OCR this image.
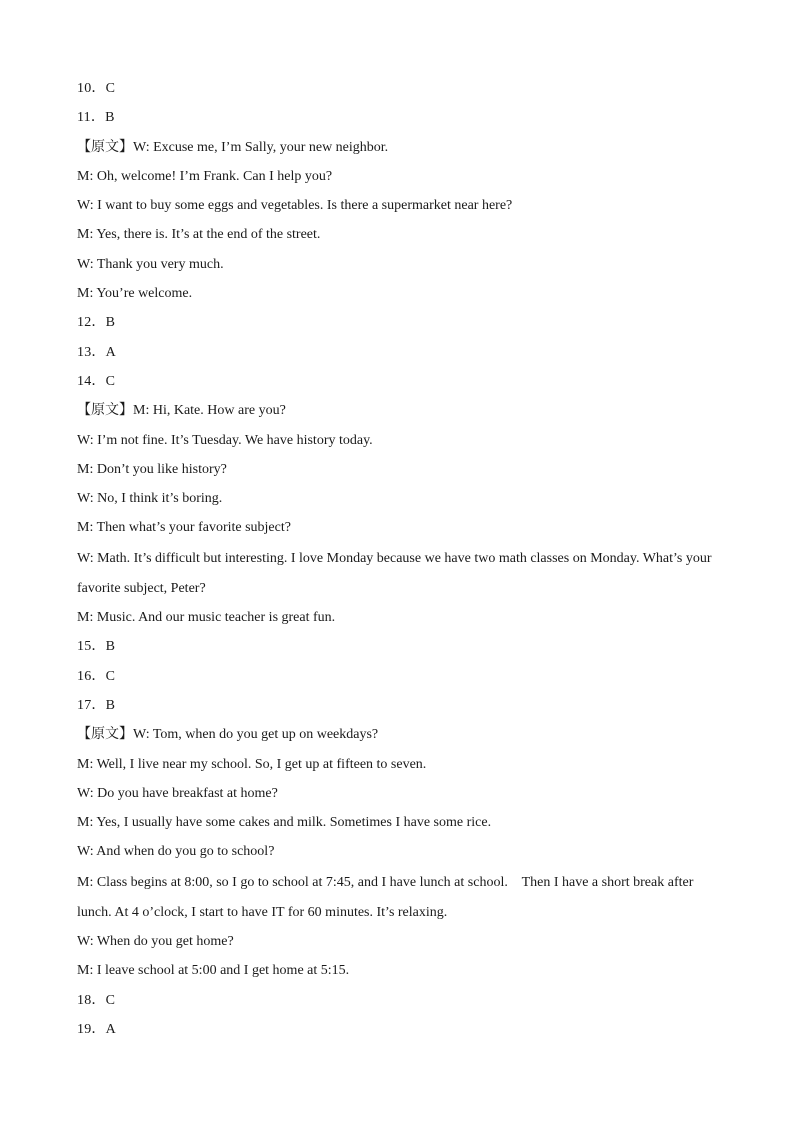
10．C

11．B

【原文】W: Excuse me, I’m Sally, your new neighbor.

M: Oh, welcome! I’m Frank. Can I help you?

W: I want to buy some eggs and vegetables. Is there a supermarket near here?

M: Yes, there is. It’s at the end of the street.

W: Thank you very much.

M: You’re welcome.

12．B

13．A

14．C

【原文】M: Hi, Kate. How are you?

W: I’m not fine. It’s Tuesday. We have history today.

M: Don’t you like history?

W: No, I think it’s boring.

M: Then what’s your favorite subject?

W: Math. It’s difficult but interesting. I love Monday because we have two math classes on Monday. What’s your

favorite subject, Peter?

M: Music. And our music teacher is great fun.

15．B

16．C

17．B

【原文】W: Tom, when do you get up on weekdays?

M: Well, I live near my school. So, I get up at fifteen to seven.

W: Do you have breakfast at home?

M: Yes, I usually have some cakes and milk. Sometimes I have some rice.

W: And when do you go to school?

M: Class begins at 8:00, so I go to school at 7:45, and I have lunch at school.    Then I have a short break after

lunch. At 4 o’clock, I start to have IT for 60 minutes. It’s relaxing.

W: When do you get home?

M: I leave school at 5:00 and I get home at 5:15.

18．C

19．A
